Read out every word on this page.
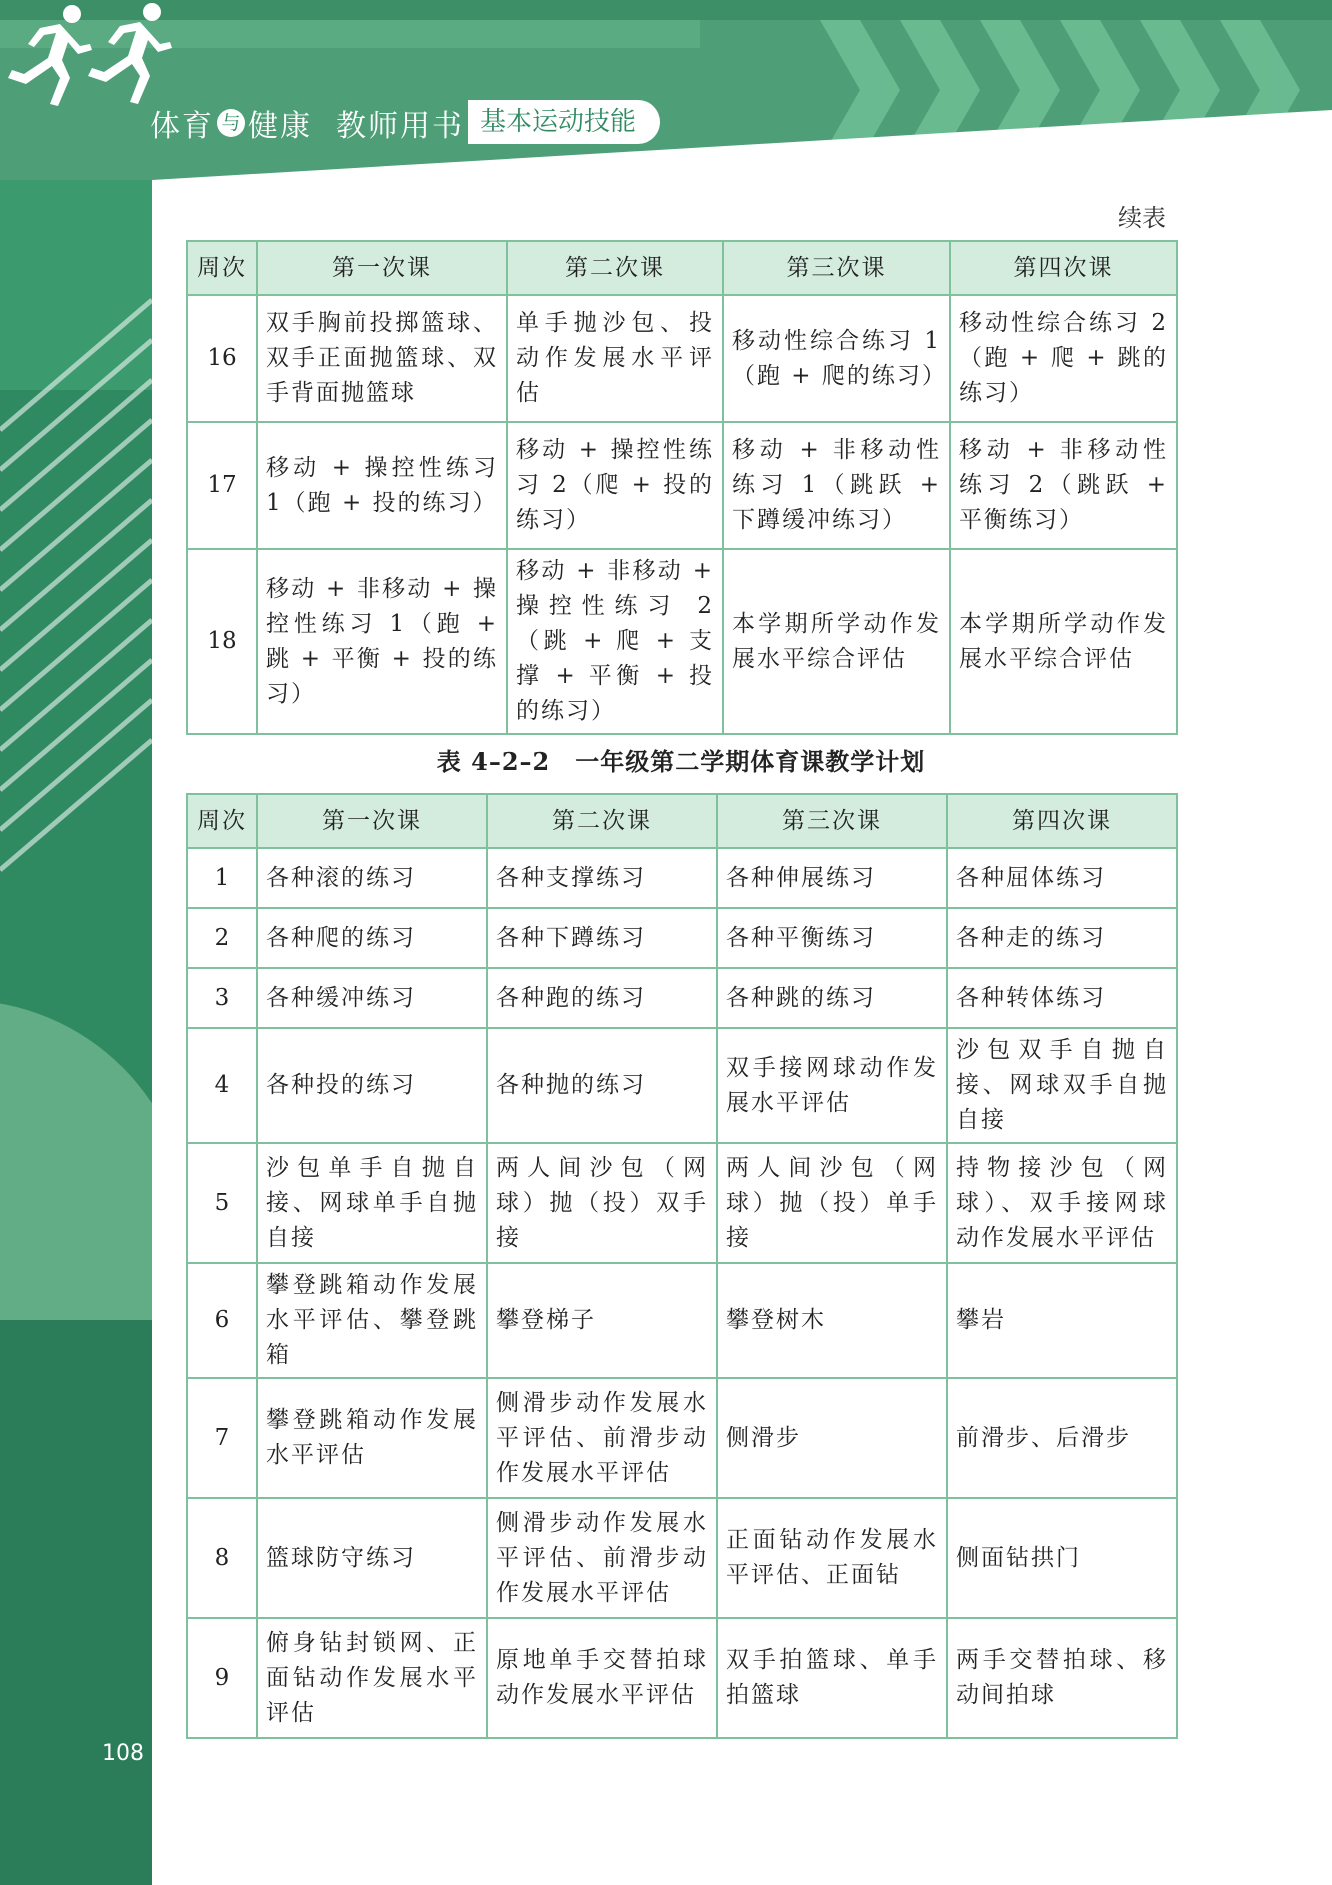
体育 与 健康 教师用书 基本运动技能
续表
周次	第一次课	第二次课	第三次课	第四次课
16	双手胸前投掷篮球、双手正面抛篮球、双手背面抛篮球	单手抛沙包、投动作发展水平评估	移动性综合练习 1（跑 + 爬的练习）	移动性综合练习 2（跑 + 爬 + 跳的练习）
17	移动 + 操控性练习 1（跑 + 投的练习）	移动 + 操控性练习 2（爬 + 投的练习）	移动 + 非移动性练习 1（跳跃 + 下蹲缓冲练习）	移动 + 非移动性练习 2（跳跃 + 平衡练习）
18	移动 + 非移动 + 操控性练习 1（跑 + 跳 + 平衡 + 投的练习）	移动 + 非移动 + 操控性练习 2（跳 + 爬 + 支撑 + 平衡 + 投的练习）	本学期所学动作发展水平综合评估	本学期所学动作发展水平综合评估
表 4–2–2　一年级第二学期体育课教学计划
周次	第一次课	第二次课	第三次课	第四次课
1	各种滚的练习	各种支撑练习	各种伸展练习	各种屈体练习
2	各种爬的练习	各种下蹲练习	各种平衡练习	各种走的练习
3	各种缓冲练习	各种跑的练习	各种跳的练习	各种转体练习
4	各种投的练习	各种抛的练习	双手接网球动作发展水平评估	沙包双手自抛自接、网球双手自抛自接
5	沙包单手自抛自接、网球单手自抛自接	两人间沙包（网球）抛（投）双手接	两人间沙包（网球）抛（投）单手接	持物接沙包（网球）、双手接网球动作发展水平评估
6	攀登跳箱动作发展水平评估、攀登跳箱	攀登梯子	攀登树木	攀岩
7	攀登跳箱动作发展水平评估	侧滑步动作发展水平评估、前滑步动作发展水平评估	侧滑步	前滑步、后滑步
8	篮球防守练习	侧滑步动作发展水平评估、前滑步动作发展水平评估	正面钻动作发展水平评估、正面钻	侧面钻拱门
9	俯身钻封锁网、正面钻动作发展水平评估	原地单手交替拍球动作发展水平评估	双手拍篮球、单手拍篮球	两手交替拍球、移动间拍球
108
